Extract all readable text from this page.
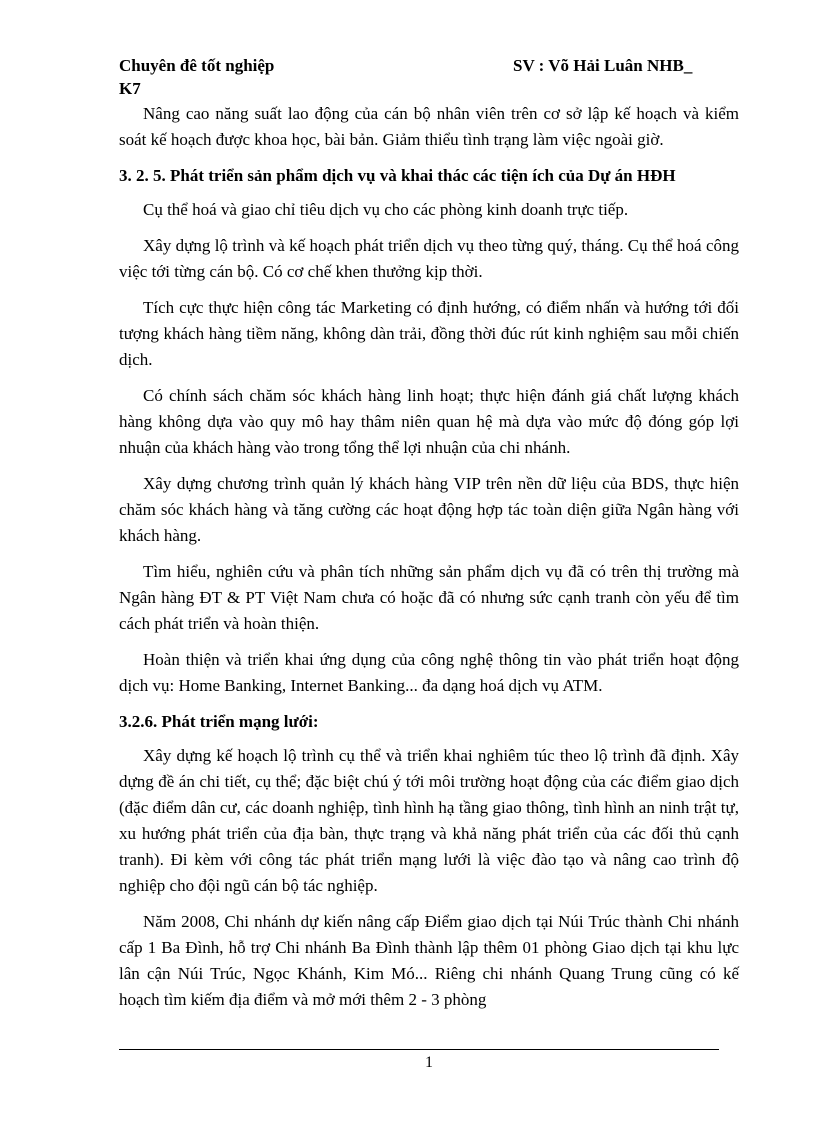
Chuyên đê tốt nghiệp	SV : Võ Hải Luân NHB_
K7

Nâng cao năng suất lao động của cán bộ nhân viên trên cơ sở lập kế hoạch và kiểm soát kế hoạch được khoa học, bài bản. Giảm thiểu tình trạng làm việc ngoài giờ.

3. 2. 5. Phát triển sản phẩm dịch vụ và khai thác các tiện ích của Dự án HĐH

Cụ thể hoá và giao chỉ tiêu dịch vụ cho các phòng kinh doanh trực tiếp.

Xây dựng lộ trình và kế hoạch phát triển dịch vụ theo từng quý, tháng. Cụ thể hoá công việc tới từng cán bộ. Có cơ chế khen thưởng kịp thời.

Tích cực thực hiện công tác Marketing có định hướng, có điểm nhấn và hướng tới đối tượng khách hàng tiềm năng, không dàn trải, đồng thời đúc rút kinh nghiệm sau mỗi chiến dịch.

Có chính sách chăm sóc khách hàng linh hoạt; thực hiện đánh giá chất lượng khách hàng không dựa vào quy mô hay thâm niên quan hệ mà dựa vào mức độ đóng góp lợi nhuận của khách hàng vào trong tổng thể lợi nhuận của chi nhánh.

Xây dựng chương trình quản lý khách hàng VIP trên nền dữ liệu của BDS, thực hiện chăm sóc khách hàng và tăng cường các hoạt động hợp tác toàn diện giữa Ngân hàng với khách hàng.

Tìm hiểu, nghiên cứu và phân tích những sản phẩm dịch vụ đã có trên thị trường mà Ngân hàng ĐT & PT Việt Nam chưa có hoặc đã có nhưng sức cạnh tranh còn yếu để tìm cách phát triển và hoàn thiện.

Hoàn thiện và triển khai ứng dụng của công nghệ thông tin vào phát triển hoạt động dịch vụ: Home Banking, Internet Banking... đa dạng hoá dịch vụ ATM.

3.2.6. Phát triển mạng lưới:

Xây dựng kế hoạch lộ trình cụ thể và triển khai nghiêm túc theo lộ trình đã định. Xây dựng đề án chi tiết, cụ thể; đặc biệt chú ý tới môi trường hoạt động của các điểm giao dịch (đặc điểm dân cư, các doanh nghiệp, tình hình hạ tầng giao thông, tình hình an ninh trật tự, xu hướng phát triển của địa bàn, thực trạng và khả năng phát triển của các đối thủ cạnh tranh). Đi kèm với công tác phát triển mạng lưới là việc đào tạo và nâng cao trình độ nghiệp cho đội ngũ cán bộ tác nghiệp.

Năm 2008, Chi nhánh dự kiến nâng cấp Điểm giao dịch tại Núi Trúc thành Chi nhánh cấp 1 Ba Đình, hỗ trợ Chi nhánh Ba Đình thành lập thêm 01 phòng Giao dịch tại khu lực lân cận Núi Trúc, Ngọc Khánh, Kim Mó... Riêng chi nhánh Quang Trung cũng có kế hoạch tìm kiếm địa điểm và mở mới thêm 2 - 3 phòng

1
